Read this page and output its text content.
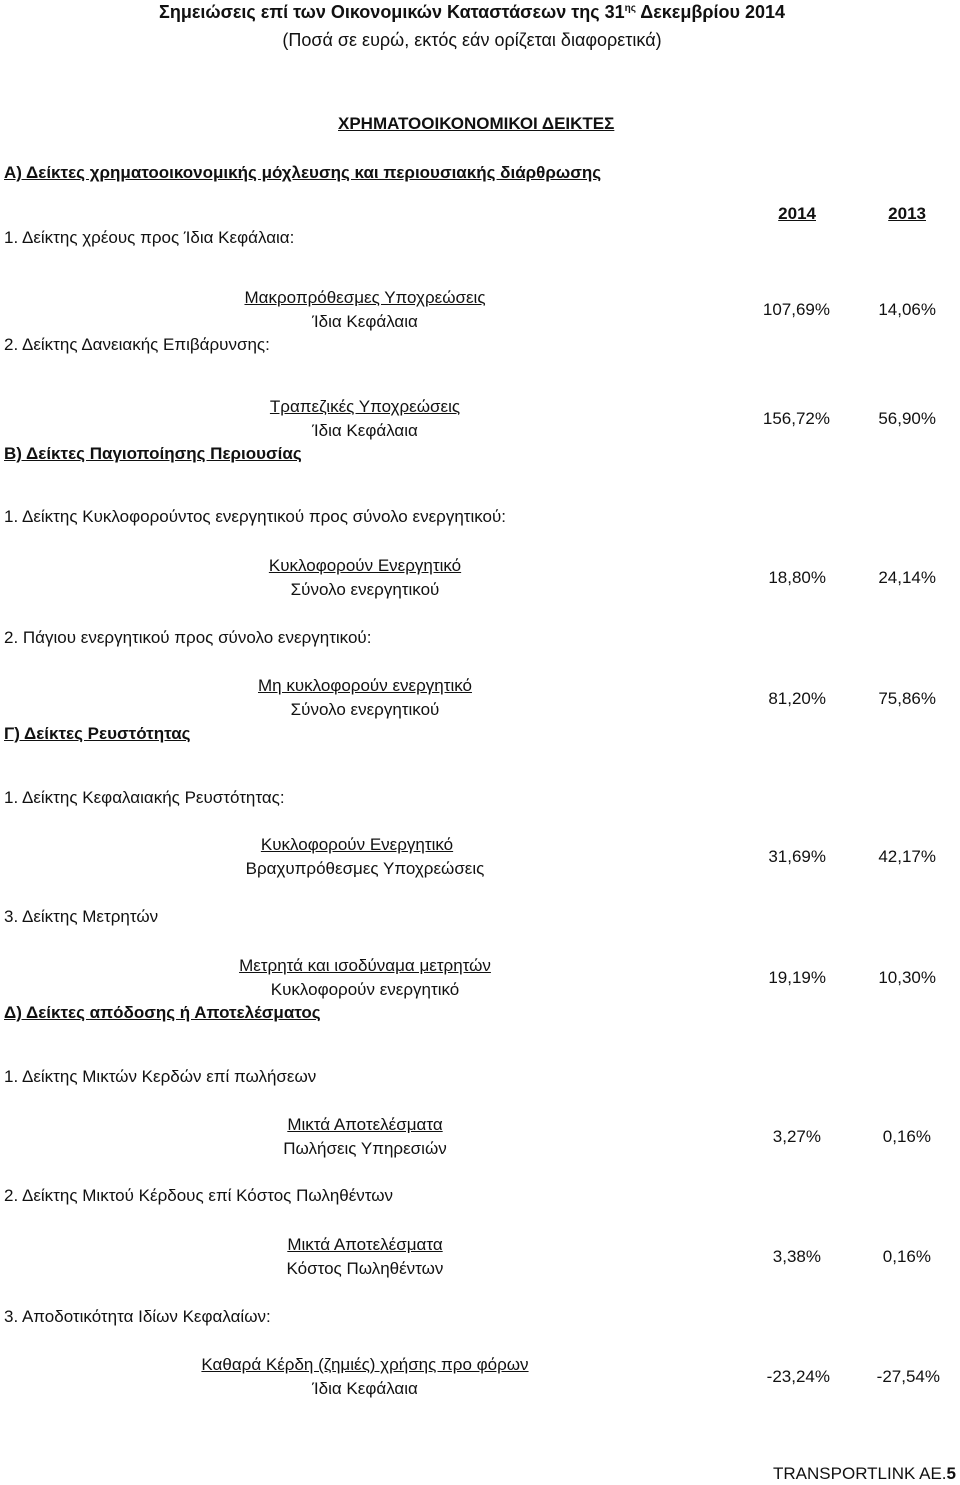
Σημειώσεις επί των Οικονομικών Καταστάσεων της $31^{\eta\varsigma}$ Δεκεμβρίου 2014
(Ποσά σε ευρώ, εκτός εάν ορίζεται διαφορετικά)
ΧΡΗΜΑΤΟΟΙΚΟΝΟΜΙΚΟΙ ΔΕΙΚΤΕΣ
Α) Δείκτες χρηματοοικονομικής μόχλευσης και περιουσιακής διάρθρωσης
2014	2013
1. Δείκτης χρέους προς Ίδια Κεφάλαια:
Μακροπρόθεσμες Υποχρεώσεις
Ίδια Κεφάλαια
107,69%	14,06%
2. Δείκτης Δανειακής Επιβάρυνσης:
Τραπεζικές Υποχρεώσεις
Ίδια Κεφάλαια
156,72%	56,90%
Β) Δείκτες Παγιοποίησης Περιουσίας
1. Δείκτης Κυκλοφορούντος ενεργητικού προς σύνολο ενεργητικού:
Κυκλοφορούν Ενεργητικό
Σύνολο ενεργητικού
18,80%	24,14%
2. Πάγιου ενεργητικού προς σύνολο ενεργητικού:
Μη κυκλοφορούν ενεργητικό
Σύνολο ενεργητικού
81,20%	75,86%
Γ) Δείκτες Ρευστότητας
1. Δείκτης Κεφαλαιακής Ρευστότητας:
Κυκλοφορούν Ενεργητικό
Βραχυπρόθεσμες Υποχρεώσεις
31,69%	42,17%
3. Δείκτης Μετρητών
Μετρητά και ισοδύναμα μετρητών
Κυκλοφορούν ενεργητικό
19,19%	10,30%
Δ) Δείκτες απόδοσης ή Αποτελέσματος
1. Δείκτης Μικτών Κερδών επί πωλήσεων
Μικτά Αποτελέσματα
Πωλήσεις Υπηρεσιών
3,27%	0,16%
2. Δείκτης Μικτού Κέρδους επί Κόστος Πωληθέντων
Μικτά Αποτελέσματα
Κόστος Πωληθέντων
3,38%	0,16%
3. Αποδοτικότητα Ιδίων Κεφαλαίων:
Καθαρά Κέρδη (ζημιές) χρήσης προ φόρων
Ίδια Κεφάλαια
-23,24%	-27,54%
TRANSPORTLINK AE.5
